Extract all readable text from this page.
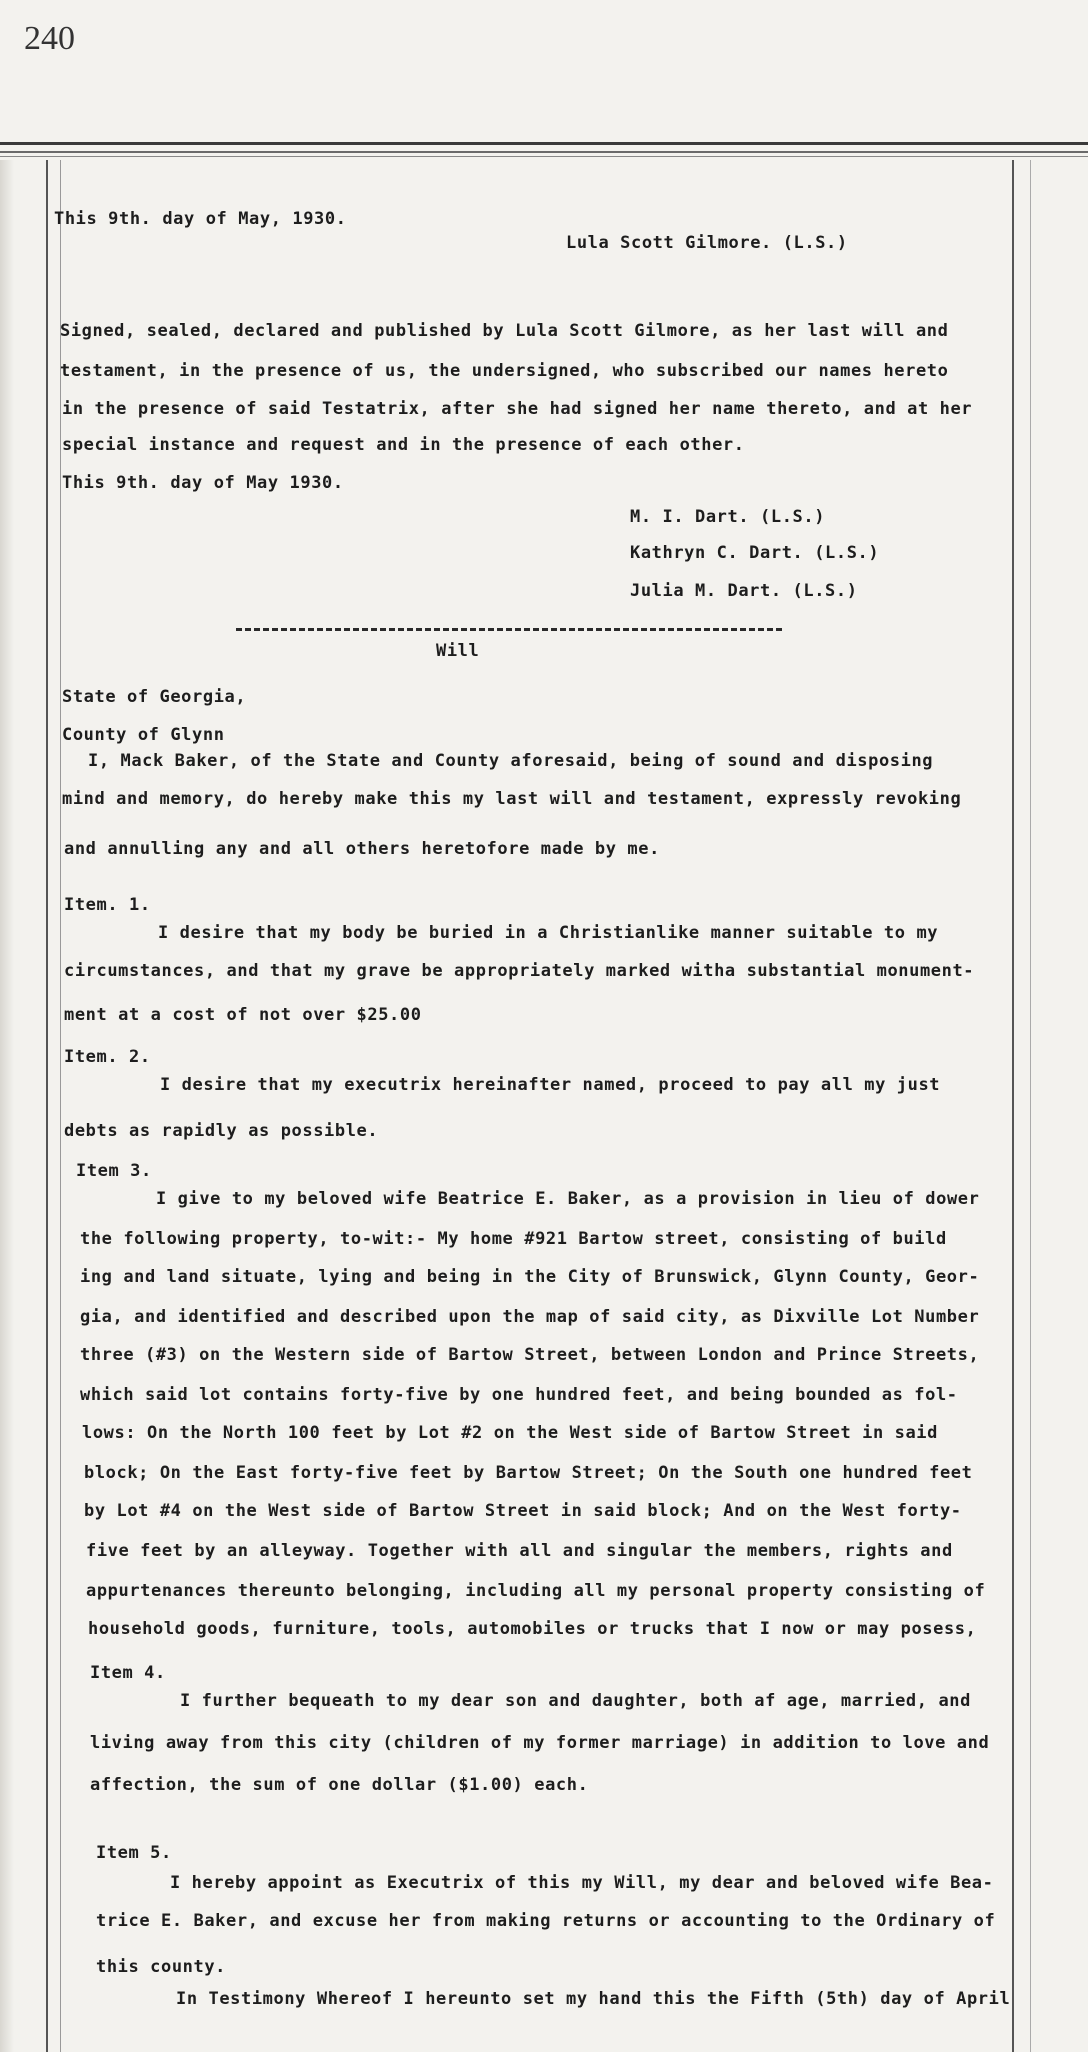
240
This 9th. day of May, 1930.
Lula Scott Gilmore. (L.S.)
Signed, sealed, declared and published by Lula Scott Gilmore, as her last will and
testament, in the presence of us, the undersigned, who subscribed our names hereto
in the presence of said Testatrix, after she had signed her name thereto, and at her
special instance and request and in the presence of each other.
This 9th. day of May 1930.
M. I. Dart. (L.S.)
Kathryn C. Dart. (L.S.)
Julia M. Dart. (L.S.)
Will
State of Georgia,
County of Glynn
I, Mack Baker, of the State and County aforesaid, being of sound and disposing
mind and memory, do hereby make this my last will and testament, expressly revoking
and annulling any and all others heretofore made by me.
Item. 1.
I desire that my body be buried in a Christianlike manner suitable to my
circumstances, and that my grave be appropriately marked witha substantial monument-
ment at a cost of not over $25.00
Item. 2.
I desire that my executrix hereinafter named, proceed to pay all my just
debts as rapidly as possible.
Item 3.
I give to my beloved wife Beatrice E. Baker, as a provision in lieu of dower
the following property, to-wit:- My home #921 Bartow street, consisting of build
ing and land situate, lying and being in the City of Brunswick, Glynn County, Geor-
gia, and identified and described upon the map of said city, as Dixville Lot Number
three (#3) on the Western side of Bartow Street, between London and Prince Streets,
which said lot contains forty-five by one hundred feet, and being bounded as fol-
lows: On the North 100 feet by Lot #2 on the West side of Bartow Street in said
block; On the East forty-five feet by Bartow Street; On the South one hundred feet
by Lot #4 on the West side of Bartow Street in said block; And on the West forty-
five feet by an alleyway. Together with all and singular the members, rights and
appurtenances thereunto belonging, including all my personal property consisting of
household goods, furniture, tools, automobiles or trucks that I now or may posess,
Item 4.
I further bequeath to my dear son and daughter, both af age, married, and
living away from this city (children of my former marriage) in addition to love and
affection, the sum of one dollar ($1.00) each.
Item 5.
I hereby appoint as Executrix of this my Will, my dear and beloved wife Bea-
trice E. Baker, and excuse her from making returns or accounting to the Ordinary of
this county.
In Testimony Whereof I hereunto set my hand this the Fifth (5th) day of April
